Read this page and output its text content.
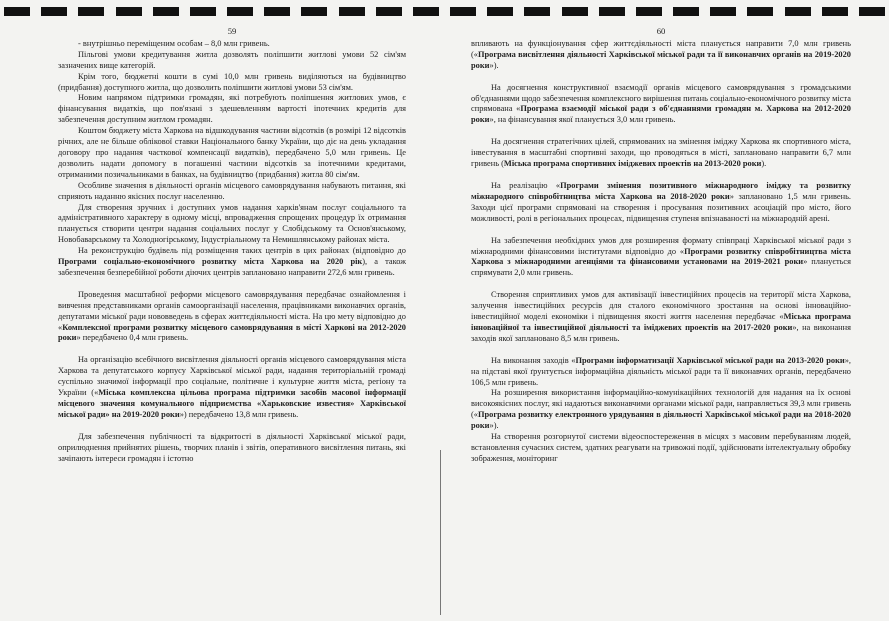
59

- внутрішньо переміщеним особам – 8,0 млн гривень.

Пільгові умови кредитування житла дозволять поліпшити житлові умови 52 сім'ям зазначених вище категорій.

Крім того, бюджетні кошти в сумі 10,0 млн гривень виділяються на будівництво (придбання) доступного житла, що дозволить поліпшити житлові умови 53 сім'ям.

Новим напрямом підтримки громадян, які потребують поліпшення житлових умов, є фінансування видатків, що пов'язані з здешевленням вартості іпотечних кредитів для забезпечення доступним житлом громадян.

Коштом бюджету міста Харкова на відшкодування частини відсотків (в розмірі 12 відсотків річних, але не більше облікової ставки Національного банку України, що діє на день укладання договору про надання часткової компенсації видатків), передбачено 5,0 млн гривень. Це дозволить надати допомогу в погашенні частини відсотків за іпотечними кредитами, отриманими позичальниками в банках, на будівництво (придбання) житла 80 сім'ям.

Особливе значення в діяльності органів місцевого самоврядування набувають питання, які сприяють наданню якісних послуг населенню.

Для створення зручних і доступних умов надання харків'янам послуг соціального та адміністративного характеру в одному місці, впровадження спрощених процедур їх отримання планується створити центри надання соціальних послуг у Слобідському та Основ'янському, Новобаварському та Холодногірському, Індустріальному та Немишлянському районах міста.

На реконструкцію будівель під розміщення таких центрів в цих районах (відповідно до Програми соціально-економічного розвитку міста Харкова на 2020 рік), а також забезпечення безперебійної роботи діючих центрів заплановано направити 272,6 млн гривень.

Проведення масштабної реформи місцевого самоврядування передбачає ознайомлення і вивчення представниками органів самоорганізації населення, працівниками виконавчих органів, депутатами міської ради нововведень в сферах життєдіяльності міста. На цю мету відповідно до «Комплексної програми розвитку місцевого самоврядування в місті Харкові на 2012-2020 роки» передбачено 0,4 млн гривень.

На організацію всебічного висвітлення діяльності органів місцевого самоврядування міста Харкова та депутатського корпусу Харківської міської ради, надання територіальній громаді суспільно значимої інформації про соціальне, політичне і культурне життя міста, регіону та України («Міська комплексна цільова програма підтримки засобів масової інформації місцевого значення комунального підприємства «Харьковские известия» Харківської міської ради» на 2019-2020 роки») передбачено 13,8 млн гривень.

Для забезпечення публічності та відкритості в діяльності Харківської міської ради, оприлюднення прийнятих рішень, творчих планів і звітів, оперативного висвітлення питань, які зачіпають інтереси громадян і істотно

60

впливають на функціонування сфер життєдіяльності міста планується направити 7,0 млн гривень («Програма висвітлення діяльності Харківської міської ради та її виконавчих органів на 2019-2020 роки»).

На досягнення конструктивної взаємодії органів місцевого самоврядування з громадськими об'єднаннями щодо забезпечення комплексного вирішення питань соціально-економічного розвитку міста спрямована «Програма взаємодії міської ради з об'єднаннями громадян м. Харкова на 2012-2020 роки», на фінансування якої планується 3,0 млн гривень.

На досягнення стратегічних цілей, спрямованих на змінення іміджу Харкова як спортивного міста, інвестування в масштабні спортивні заходи, що проводяться в місті, заплановано направити 6,7 млн гривень (Міська програма спортивних іміджевих проектів на 2013-2020 роки).

На реалізацію «Програми змінення позитивного міжнародного іміджу та розвитку міжнародного співробітництва міста Харкова на 2018-2020 роки» заплановано 1,5 млн гривень. Заходи цієї програми спрямовані на створення і просування позитивних асоціацій про місто, його можливості, ролі в регіональних процесах, підвищення ступеня впізнаваності на міжнародній арені.

На забезпечення необхідних умов для розширення формату співпраці Харківської міської ради з міжнародними фінансовими інститутами відповідно до «Програми розвитку співробітництва міста Харкова з міжнародними агенціями та фінансовими установами на 2019-2021 роки» планується спрямувати 2,0 млн гривень.

Створення сприятливих умов для активізації інвестиційних процесів на території міста Харкова, залучення інвестиційних ресурсів для сталого економічного зростання на основі інноваційно-інвестиційної моделі економіки і підвищення якості життя населення передбачає «Міська програма інноваційної та інвестиційної діяльності та іміджевих проектів на 2017-2020 роки», на виконання заходів якої заплановано 8,5 млн гривень.

На виконання заходів «Програми інформатизації Харківської міської ради на 2013-2020 роки», на підставі якої ґрунтується інформаційна діяльність міської ради та її виконавчих органів, передбачено 106,5 млн гривень.

На розширення використання інформаційно-комунікаційних технологій для надання на їх основі високоякісних послуг, які надаються виконавчими органами міської ради, направляється 39,3 млн гривень («Програма розвитку електронного урядування в діяльності Харківської міської ради на 2018-2020 роки»).

На створення розгорнутої системи відеоспостереження в місцях з масовим перебуванням людей, встановлення сучасних систем, здатних реагувати на тривожні події, здійснювати інтелектуальну обробку зображення, моніторинг
